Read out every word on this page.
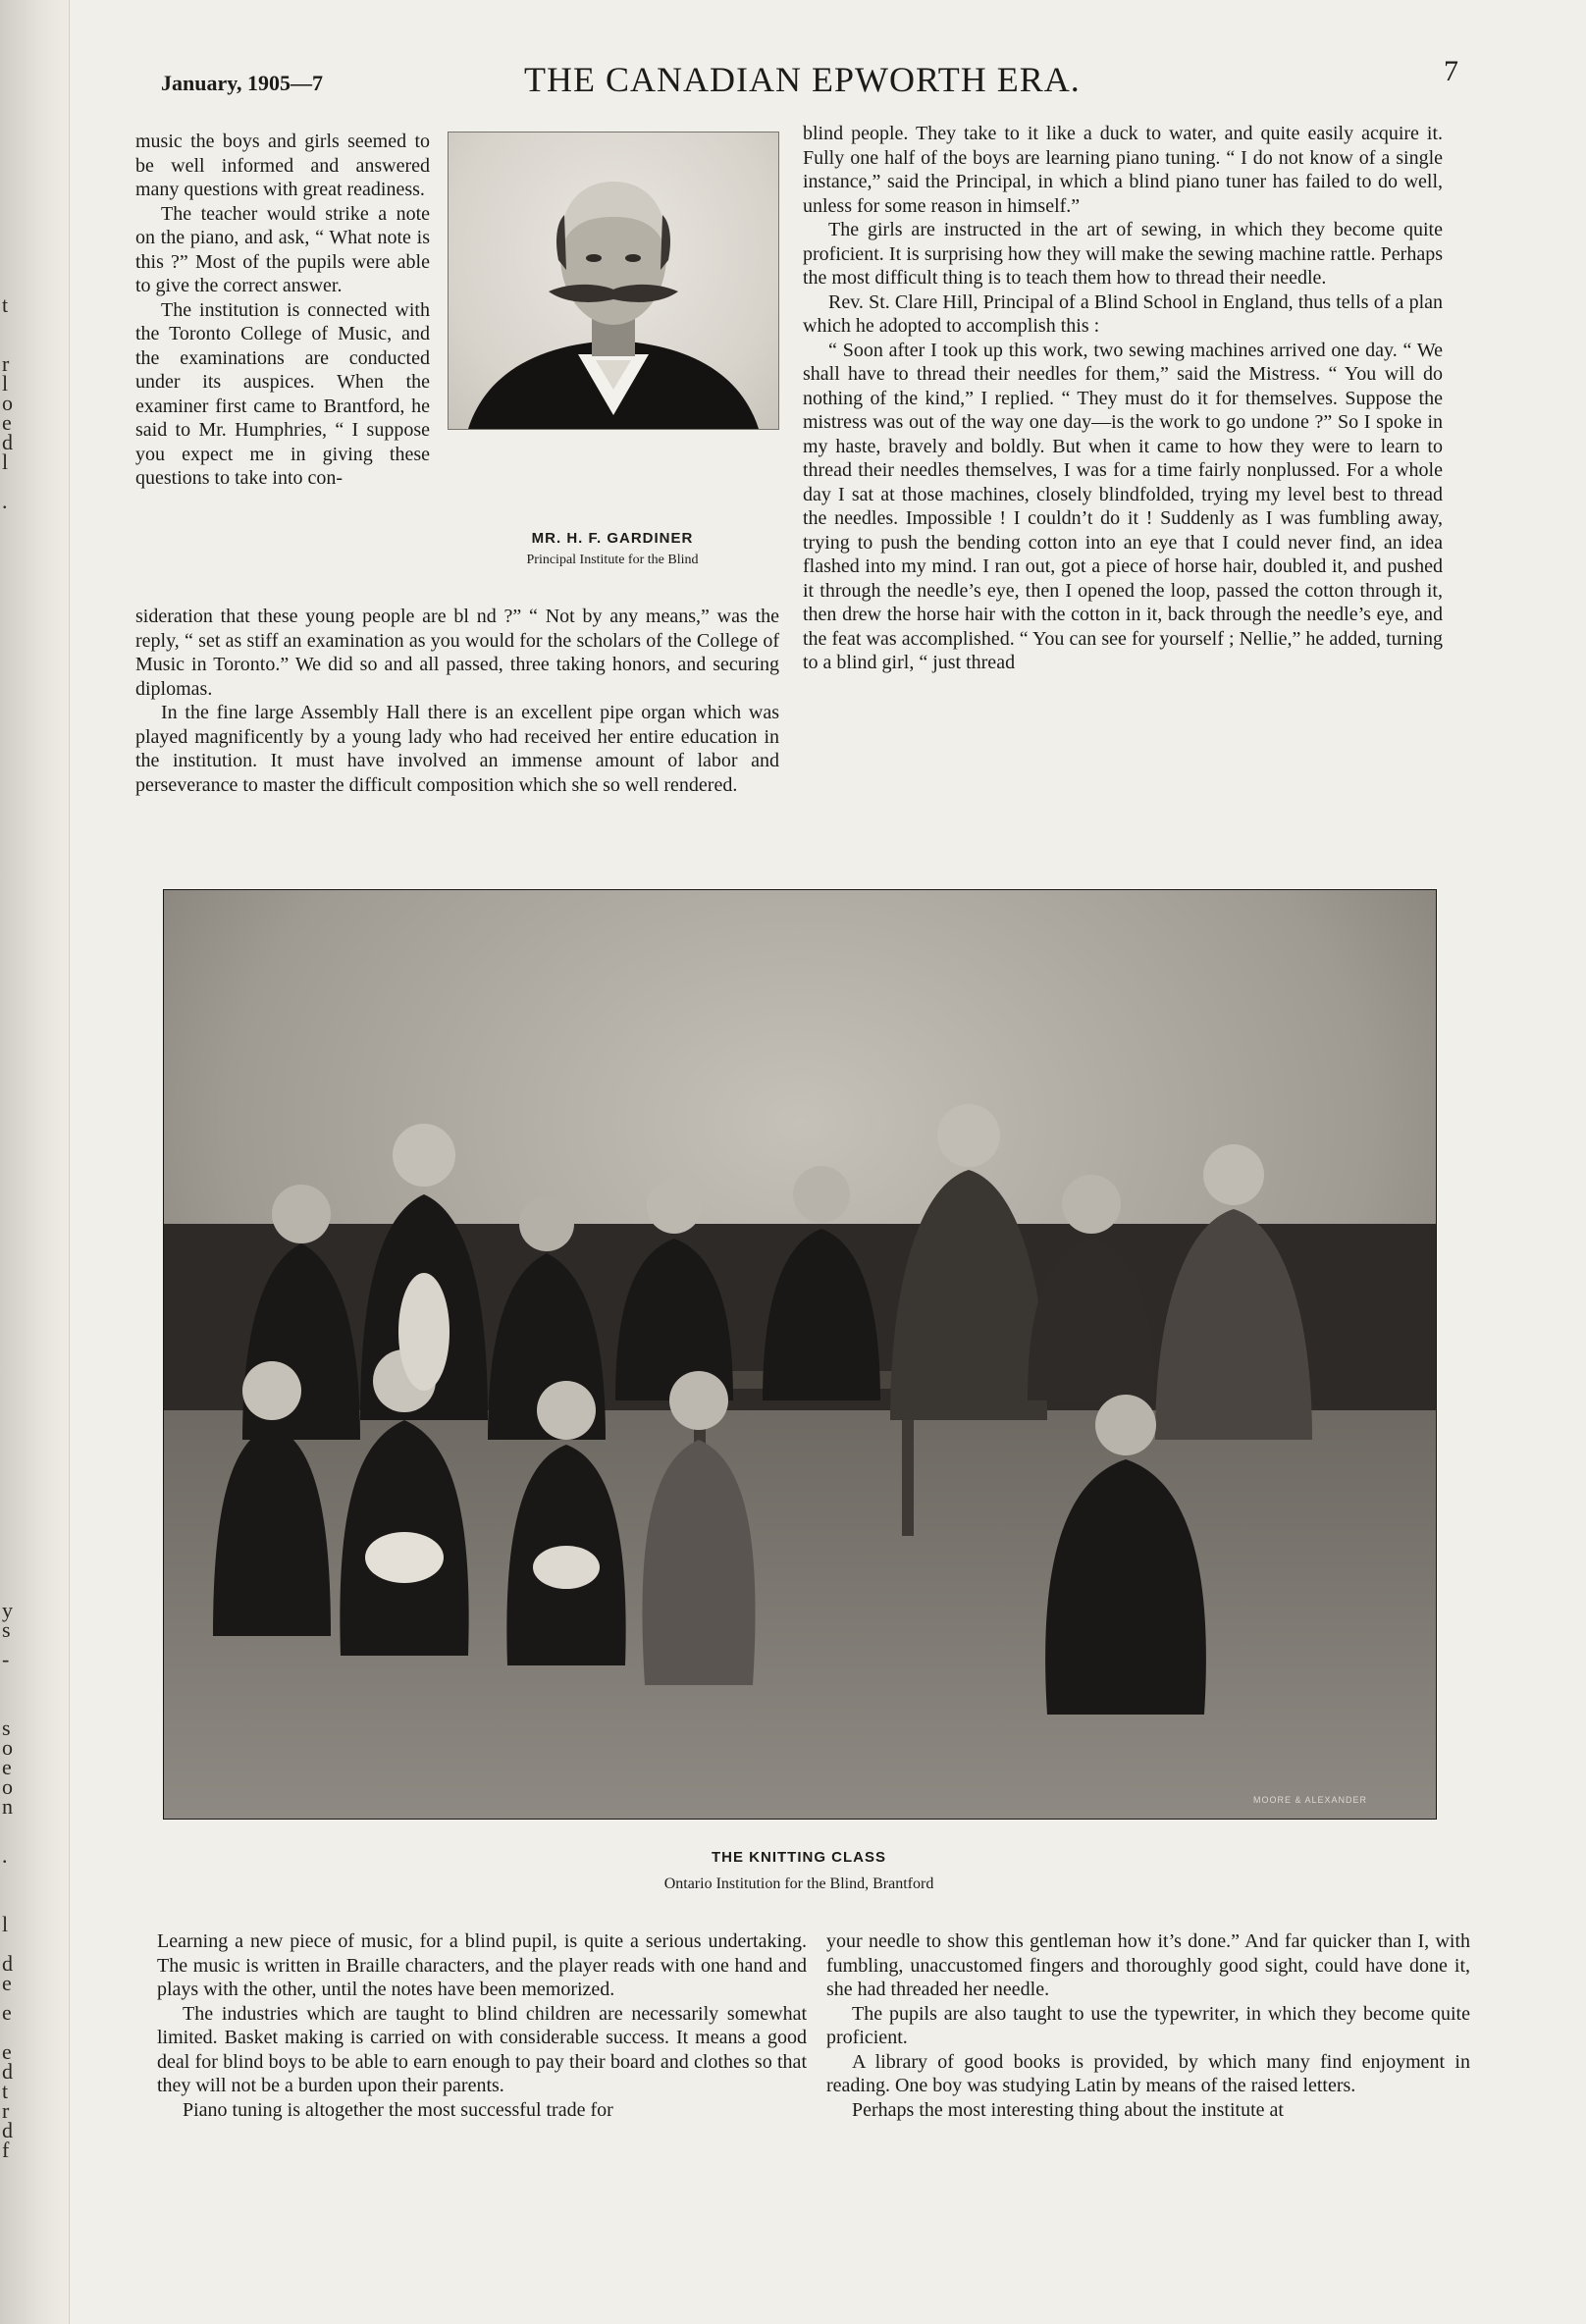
t
r
l
o
e
d
l
.
y
s
-
s
o
e
o
n
.
l
d
e
e
e
d
t
r
d
f
January, 1905—7	THE CANADIAN EPWORTH ERA.	7

music the boys and girls seemed to be well informed and answered many questions with great readiness.

The teacher would strike a note on the piano, and ask, “ What note is this ?” Most of the pupils were able to give the correct answer.

The institution is connected with the Toronto College of Music, and the examinations are conducted under its auspices. When the examiner first came to Brantford, he said to Mr. Humphries, “ I suppose you expect me in giving these questions to take into con-

MR. H. F. GARDINER
Principal Institute for the Blind

sideration that these young people are bl nd ?” “ Not by any means,” was the reply, “ set as stiff an examination as you would for the scholars of the College of Music in Toronto.” We did so and all passed, three taking honors, and securing diplomas.

In the fine large Assembly Hall there is an excellent pipe organ which was played magnificently by a young lady who had received her entire education in the institution. It must have involved an immense amount of labor and perseverance to master the difficult composition which she so well rendered.

blind people. They take to it like a duck to water, and quite easily acquire it. Fully one half of the boys are learning piano tuning. “ I do not know of a single instance,” said the Principal, in which a blind piano tuner has failed to do well, unless for some reason in himself.”

The girls are instructed in the art of sewing, in which they become quite proficient. It is surprising how they will make the sewing machine rattle. Perhaps the most difficult thing is to teach them how to thread their needle.

Rev. St. Clare Hill, Principal of a Blind School in England, thus tells of a plan which he adopted to accomplish this :

“ Soon after I took up this work, two sewing machines arrived one day. “ We shall have to thread their needles for them,” said the Mistress. “ You will do nothing of the kind,” I replied. “ They must do it for themselves. Suppose the mistress was out of the way one day—is the work to go undone ?” So I spoke in my haste, bravely and boldly. But when it came to how they were to learn to thread their needles themselves, I was for a time fairly nonplussed. For a whole day I sat at those machines, closely blindfolded, trying my level best to thread the needles. Impossible ! I couldn’t do it ! Suddenly as I was fumbling away, trying to push the bending cotton into an eye that I could never find, an idea flashed into my mind. I ran out, got a piece of horse hair, doubled it, and pushed it through the needle’s eye, then I opened the loop, passed the cotton through it, then drew the horse hair with the cotton in it, back through the needle’s eye, and the feat was accomplished. “ You can see for yourself ; Nellie,” he added, turning to a blind girl, “ just thread

MOORE & ALEXANDER
THE KNITTING CLASS
Ontario Institution for the Blind, Brantford

Learning a new piece of music, for a blind pupil, is quite a serious undertaking. The music is written in Braille characters, and the player reads with one hand and plays with the other, until the notes have been memorized.

The industries which are taught to blind children are necessarily somewhat limited. Basket making is carried on with considerable success. It means a good deal for blind boys to be able to earn enough to pay their board and clothes so that they will not be a burden upon their parents.

Piano tuning is altogether the most successful trade for

your needle to show this gentleman how it’s done.” And far quicker than I, with fumbling, unaccustomed fingers and thoroughly good sight, could have done it, she had threaded her needle.

The pupils are also taught to use the typewriter, in which they become quite proficient.

A library of good books is provided, by which many find enjoyment in reading. One boy was studying Latin by means of the raised letters.

Perhaps the most interesting thing about the institute at
